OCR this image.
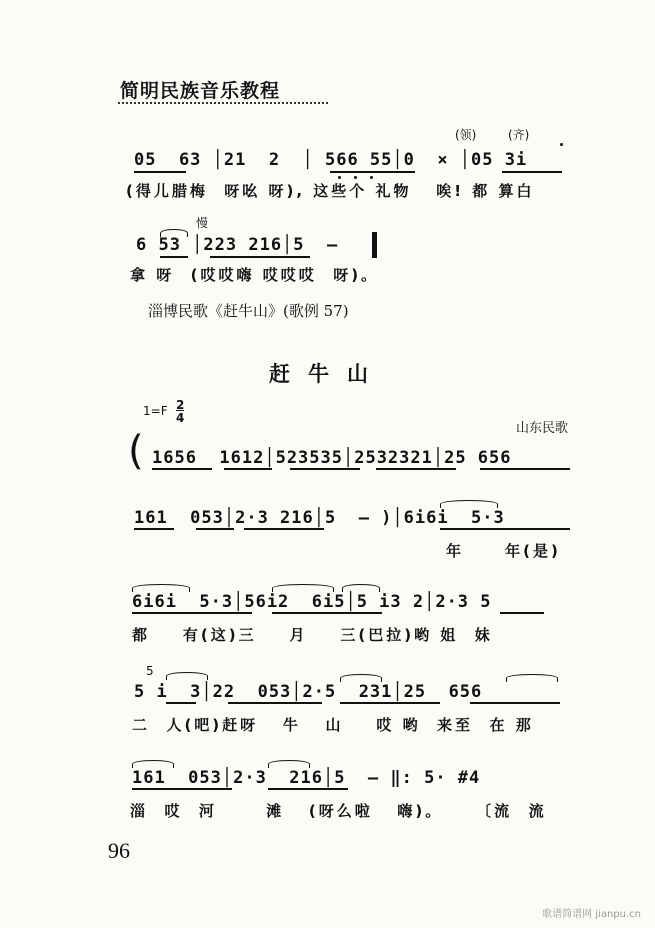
简明民族音乐教程
(领)	(齐)
05  63 │21  2  │ 566 55│0  × │05 3i
(得儿腊梅  呀吆 呀), 这些个 礼物   唉! 都 算白
慢
6 53 │223 216│5  —
拿 呀  (哎哎嗨 哎哎哎  呀)。
淄博民歌《赶牛山》(歌例 57)
赶牛山
1=F 2
4
山东民歌
( 1656  1612│523535│2532321│25 656
161  053│2·3 216│5  — )│6i6i  5·3
年     年(是)
6i6i  5·3│56i2  6i5│5 i3 2│2·3 5
都    有(这)三    月    三(巴拉)哟 姐  妹
5 i  3│22  053│2·5  231│25  656
5
二  人(吧)赶呀   牛   山    哎 哟  来至  在 那
161  053│2·3  216│5  — ‖: 5· #4
淄  哎  河      滩   (呀么啦   嗨)。    〔流  流
96
歌谱简谱网 jianpu.cn
